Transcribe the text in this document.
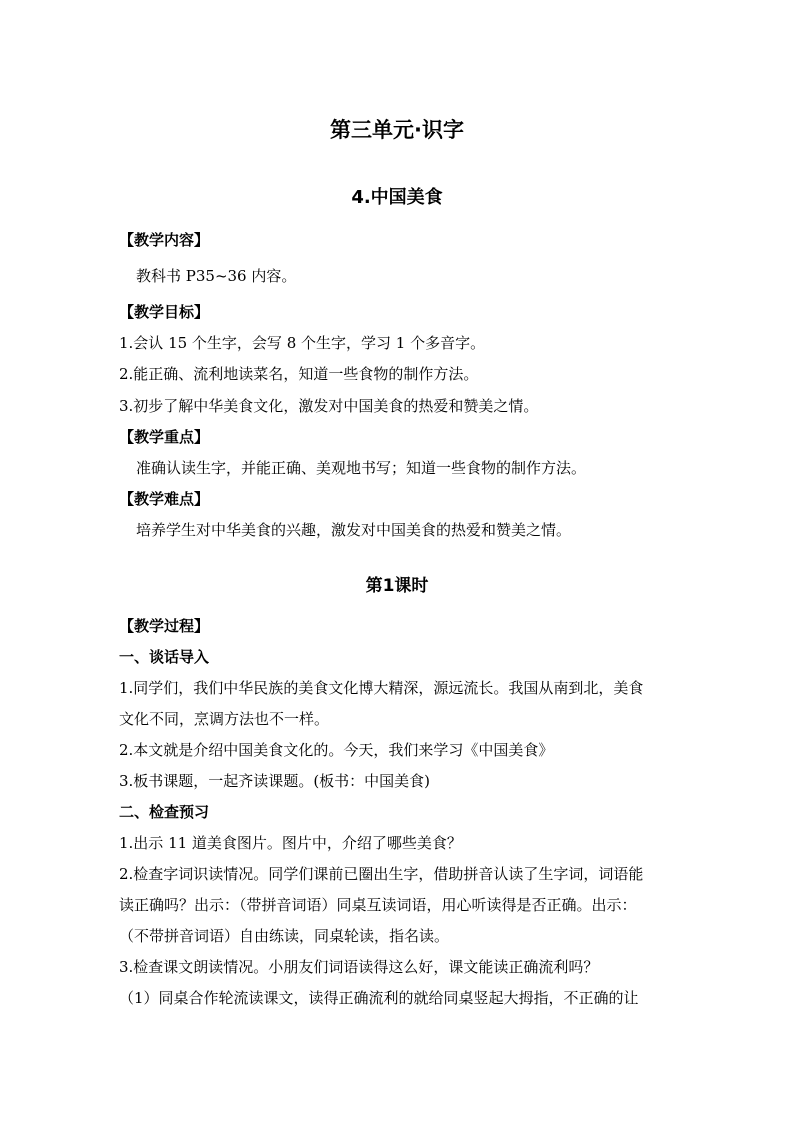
第三单元·识字
4.中国美食
【教学内容】
教科书 P35~36 内容。
【教学目标】
1.会认 15 个生字，会写 8 个生字，学习 1 个多音字。
2.能正确、流利地读菜名，知道一些食物的制作方法。
3.初步了解中华美食文化，激发对中国美食的热爱和赞美之情。
【教学重点】
准确认读生字，并能正确、美观地书写；知道一些食物的制作方法。
【教学难点】
培养学生对中华美食的兴趣，激发对中国美食的热爱和赞美之情。
第1课时
【教学过程】
一、谈话导入
1.同学们，我们中华民族的美食文化博大精深，源远流长。我国从南到北，美食
文化不同，烹调方法也不一样。
2.本文就是介绍中国美食文化的。今天，我们来学习《中国美食》
3.板书课题，一起齐读课题。(板书：中国美食)
二、检查预习
1.出示 11 道美食图片。图片中，介绍了哪些美食？
2.检查字词识读情况。同学们课前已圈出生字，借助拼音认读了生字词，词语能
读正确吗？出示：（带拼音词语）同桌互读词语，用心听读得是否正确。出示：
（不带拼音词语）自由练读，同桌轮读，指名读。
3.检查课文朗读情况。小朋友们词语读得这么好，课文能读正确流利吗？
（1）同桌合作轮流读课文，读得正确流利的就给同桌竖起大拇指，不正确的让
